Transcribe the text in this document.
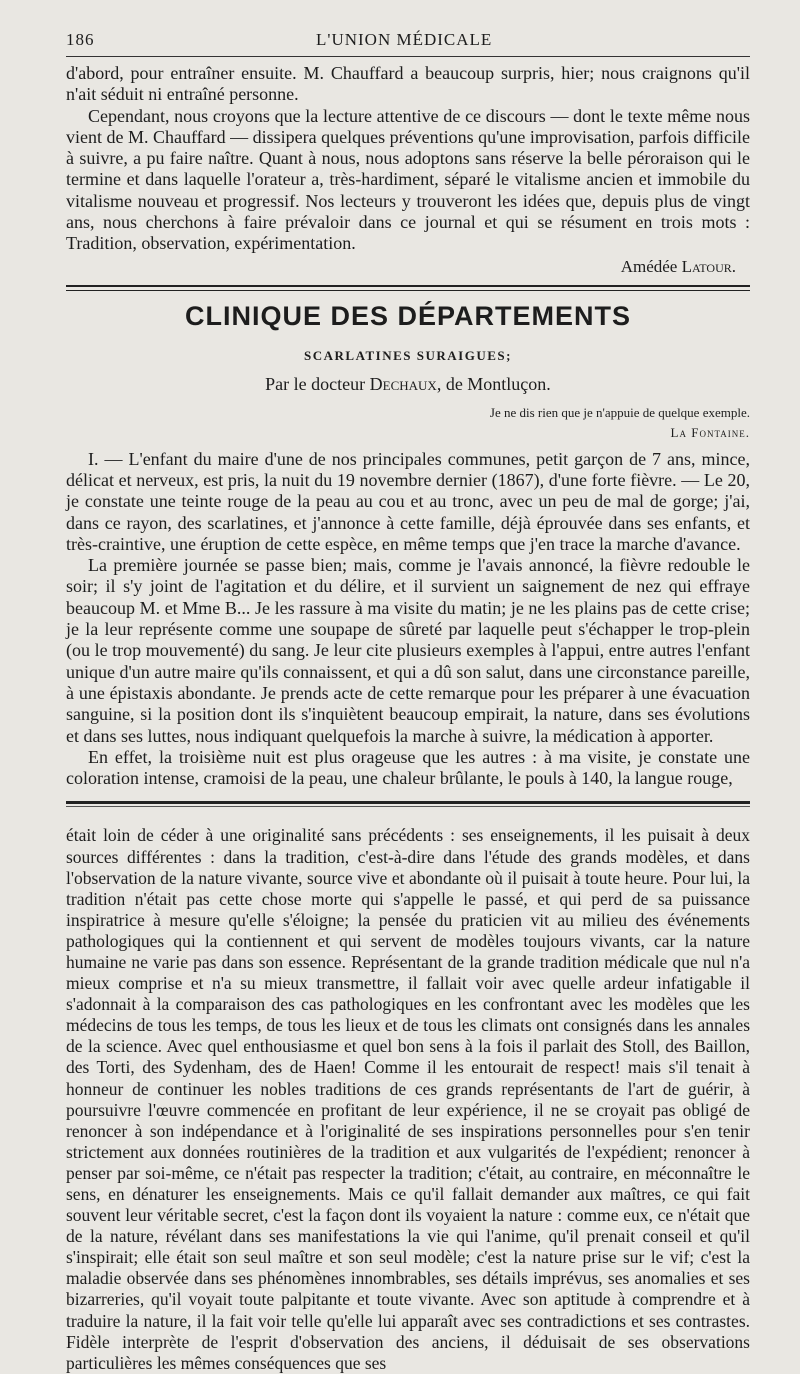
186	L'UNION MÉDICALE

d'abord, pour entraîner ensuite. M. Chauffard a beaucoup surpris, hier; nous craignons qu'il n'ait séduit ni entraîné personne.

Cependant, nous croyons que la lecture attentive de ce discours — dont le texte même nous vient de M. Chauffard — dissipera quelques préventions qu'une improvisation, parfois difficile à suivre, a pu faire naître. Quant à nous, nous adoptons sans réserve la belle péroraison qui le termine et dans laquelle l'orateur a, très-hardiment, séparé le vitalisme ancien et immobile du vitalisme nouveau et progressif. Nos lecteurs y trouveront les idées que, depuis plus de vingt ans, nous cherchons à faire prévaloir dans ce journal et qui se résument en trois mots : Tradition, observation, expérimentation.

Amédée Latour.
CLINIQUE DES DÉPARTEMENTS
SCARLATINES SURAIGUES;
Par le docteur Dechaux, de Montluçon.
Je ne dis rien que je n'appuie de quelque exemple.
La Fontaine.

I. — L'enfant du maire d'une de nos principales communes, petit garçon de 7 ans, mince, délicat et nerveux, est pris, la nuit du 19 novembre dernier (1867), d'une forte fièvre. — Le 20, je constate une teinte rouge de la peau au cou et au tronc, avec un peu de mal de gorge; j'ai, dans ce rayon, des scarlatines, et j'annonce à cette famille, déjà éprouvée dans ses enfants, et très-craintive, une éruption de cette espèce, en même temps que j'en trace la marche d'avance.

La première journée se passe bien; mais, comme je l'avais annoncé, la fièvre redouble le soir; il s'y joint de l'agitation et du délire, et il survient un saignement de nez qui effraye beaucoup M. et Mme B... Je les rassure à ma visite du matin; je ne les plains pas de cette crise; je la leur représente comme une soupape de sûreté par laquelle peut s'échapper le trop-plein (ou le trop mouvementé) du sang. Je leur cite plusieurs exemples à l'appui, entre autres l'enfant unique d'un autre maire qu'ils connaissent, et qui a dû son salut, dans une circonstance pareille, à une épistaxis abondante. Je prends acte de cette remarque pour les préparer à une évacuation sanguine, si la position dont ils s'inquiètent beaucoup empirait, la nature, dans ses évolutions et dans ses luttes, nous indiquant quelquefois la marche à suivre, la médication à apporter.

En effet, la troisième nuit est plus orageuse que les autres : à ma visite, je constate une coloration intense, cramoisi de la peau, une chaleur brûlante, le pouls à 140, la langue rouge,

était loin de céder à une originalité sans précédents : ses enseignements, il les puisait à deux sources différentes : dans la tradition, c'est-à-dire dans l'étude des grands modèles, et dans l'observation de la nature vivante, source vive et abondante où il puisait à toute heure. Pour lui, la tradition n'était pas cette chose morte qui s'appelle le passé, et qui perd de sa puissance inspiratrice à mesure qu'elle s'éloigne; la pensée du praticien vit au milieu des événements pathologiques qui la contiennent et qui servent de modèles toujours vivants, car la nature humaine ne varie pas dans son essence. Représentant de la grande tradition médicale que nul n'a mieux comprise et n'a su mieux transmettre, il fallait voir avec quelle ardeur infatigable il s'adonnait à la comparaison des cas pathologiques en les confrontant avec les modèles que les médecins de tous les temps, de tous les lieux et de tous les climats ont consignés dans les annales de la science. Avec quel enthousiasme et quel bon sens à la fois il parlait des Stoll, des Baillon, des Torti, des Sydenham, des de Haen! Comme il les entourait de respect! mais s'il tenait à honneur de continuer les nobles traditions de ces grands représentants de l'art de guérir, à poursuivre l'œuvre commencée en profitant de leur expérience, il ne se croyait pas obligé de renoncer à son indépendance et à l'originalité de ses inspirations personnelles pour s'en tenir strictement aux données routinières de la tradition et aux vulgarités de l'expédient; renoncer à penser par soi-même, ce n'était pas respecter la tradition; c'était, au contraire, en méconnaître le sens, en dénaturer les enseignements. Mais ce qu'il fallait demander aux maîtres, ce qui fait souvent leur véritable secret, c'est la façon dont ils voyaient la nature : comme eux, ce n'était que de la nature, révélant dans ses manifestations la vie qui l'anime, qu'il prenait conseil et qu'il s'inspirait; elle était son seul maître et son seul modèle; c'est la nature prise sur le vif; c'est la maladie observée dans ses phénomènes innombrables, ses détails imprévus, ses anomalies et ses bizarreries, qu'il voyait toute palpitante et toute vivante. Avec son aptitude à comprendre et à traduire la nature, il la fait voir telle qu'elle lui apparaît avec ses contradictions et ses contrastes. Fidèle interprète de l'esprit d'observation des anciens, il déduisait de ses observations particulières les mêmes conséquences que ses
